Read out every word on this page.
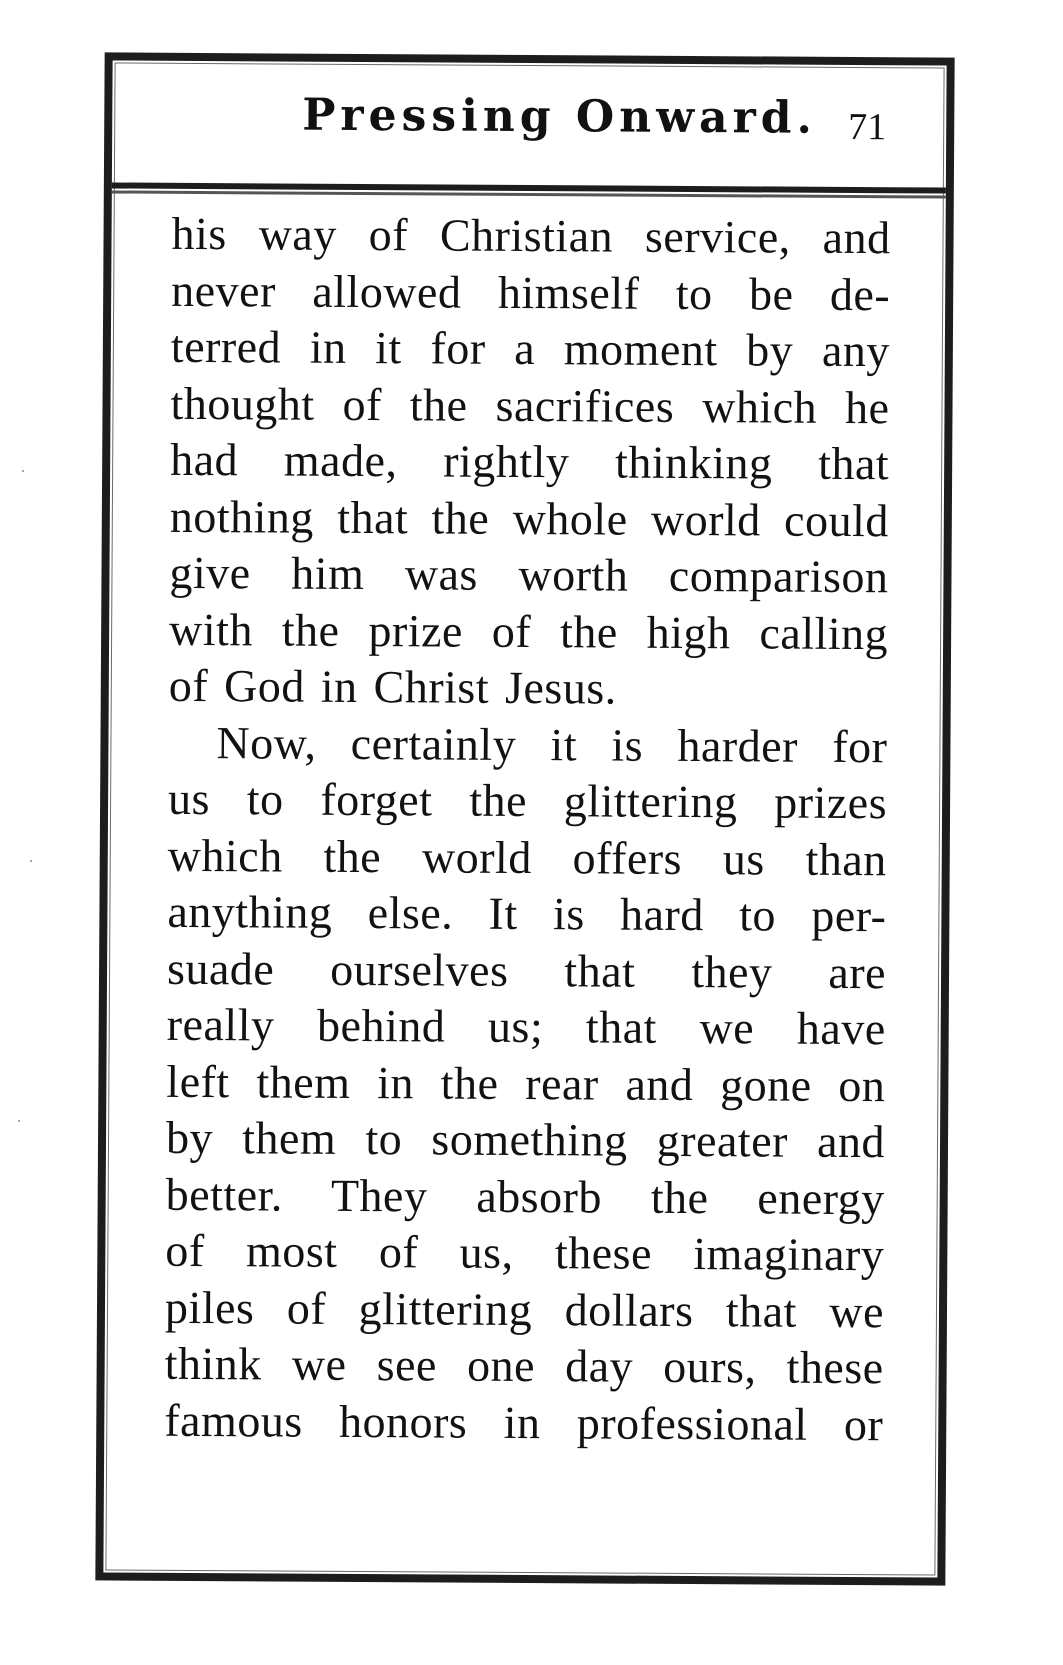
Pressing Onward. 71
his way of Christian service, and
never allowed himself to be de-
terred in it for a moment by any
thought of the sacrifices which he
had made, rightly thinking that
nothing that the whole world could
give him was worth comparison
with the prize of the high calling
of God in Christ Jesus.
Now, certainly it is harder for
us to forget the glittering prizes
which the world offers us than
anything else. It is hard to per-
suade ourselves that they are
really behind us; that we have
left them in the rear and gone on
by them to something greater and
better. They absorb the energy
of most of us, these imaginary
piles of glittering dollars that we
think we see one day ours, these
famous honors in professional or
